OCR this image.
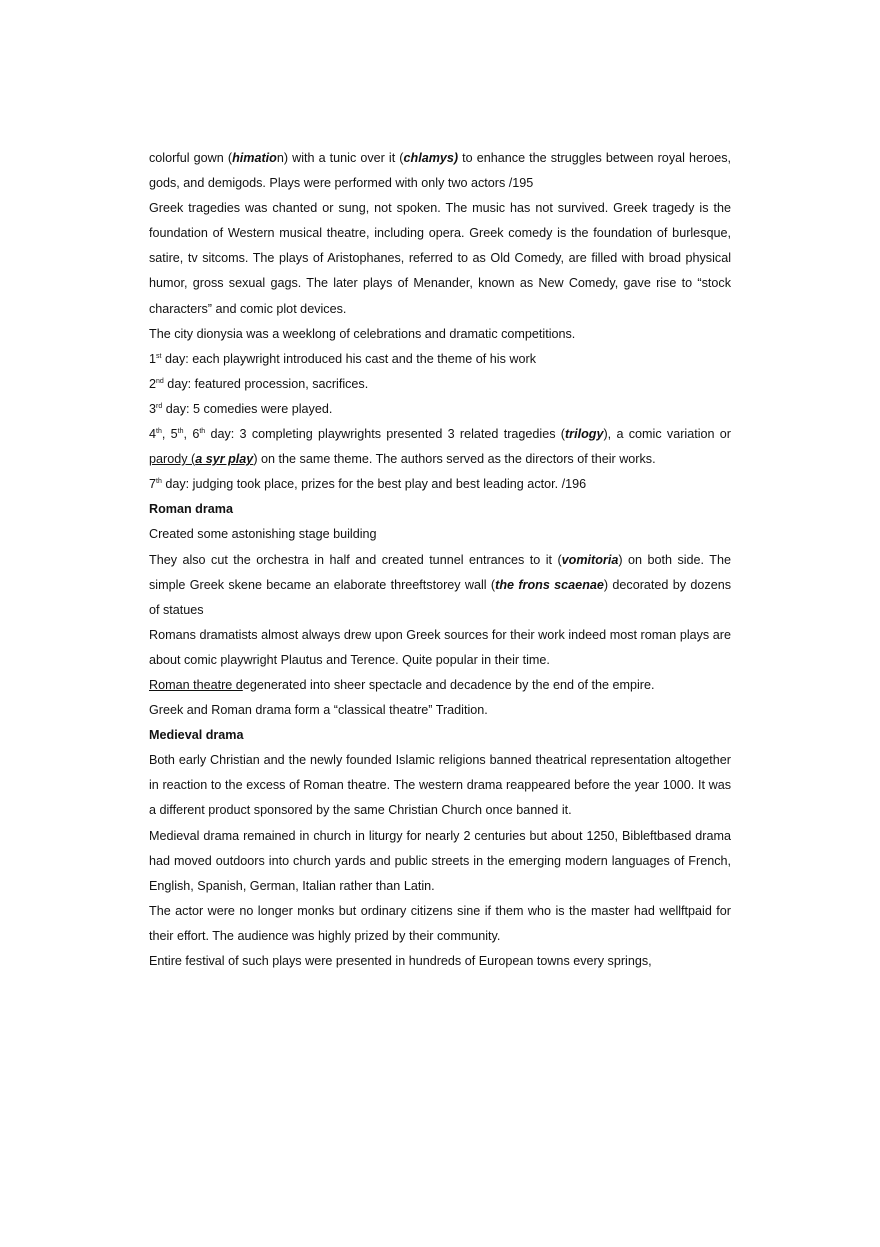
colorful gown (himation) with a tunic over it (chlamys) to enhance the struggles between royal heroes, gods, and demigods. Plays were performed with only two actors /195

Greek tragedies was chanted or sung, not spoken. The music has not survived. Greek tragedy is the foundation of Western musical theatre, including opera. Greek comedy is the foundation of burlesque, satire, tv sitcoms. The plays of Aristophanes, referred to as Old Comedy, are filled with broad physical humor, gross sexual gags. The later plays of Menander, known as New Comedy, gave rise to “stock characters” and comic plot devices.

The city dionysia was a weeklong of celebrations and dramatic competitions.

1st day: each playwright introduced his cast and the theme of his work

2nd day: featured procession, sacrifices.

3rd day: 5 comedies were played.

4th, 5th, 6th day: 3 completing playwrights presented 3 related tragedies (trilogy), a comic variation or parody (a syr play) on the same theme. The authors served as the directors of their works.

7th day: judging took place, prizes for the best play and best leading actor. /196

Roman drama

Created some astonishing stage building

They also cut the orchestra in half and created tunnel entrances to it (vomitoria) on both side. The simple Greek skene became an elaborate threeftstorey wall (the frons scaenae) decorated by dozens of statues

Romans dramatists almost always drew upon Greek sources for their work indeed most roman plays are about comic playwright Plautus and Terence. Quite popular in their time.

Roman theatre degenerated into sheer spectacle and decadence by the end of the empire.

Greek and Roman drama form a “classical theatre” Tradition.

Medieval drama

Both early Christian and the newly founded Islamic religions banned theatrical representation altogether in reaction to the excess of Roman theatre. The western drama reappeared before the year 1000. It was a different product sponsored by the same Christian Church once banned it.

Medieval drama remained in church in liturgy for nearly 2 centuries but about 1250, Bibleftbased drama had moved outdoors into church yards and public streets in the emerging modern languages of French, English, Spanish, German, Italian rather than Latin.

The actor were no longer monks but ordinary citizens sine if them who is the master had wellftpaid for their effort. The audience was highly prized by their community.

Entire festival of such plays were presented in hundreds of European towns every springs,
